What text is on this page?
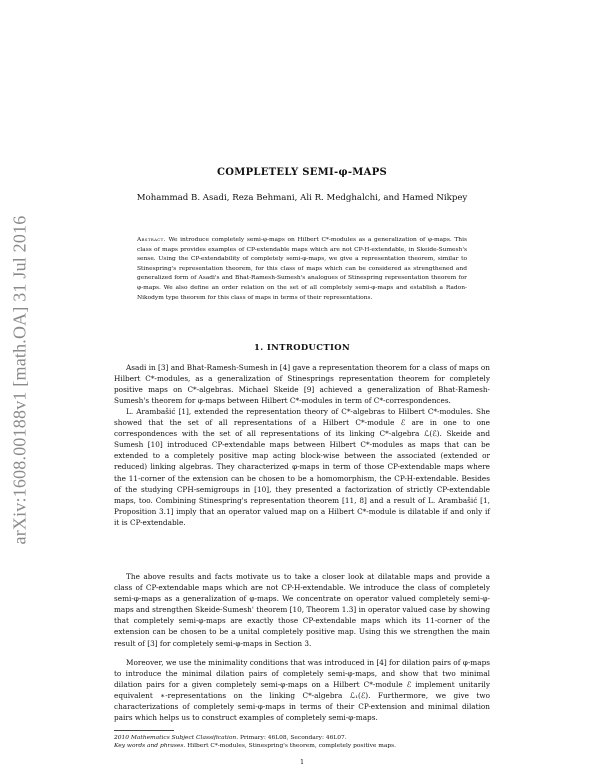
arXiv:1608.00188v1 [math.OA] 31 Jul 2016
COMPLETELY SEMI-φ-MAPS
Mohammad B. Asadi, Reza Behmani, Ali R. Medghalchi, and Hamed Nikpey
Abstract. We introduce completely semi-φ-maps on Hilbert C*-modules as a generalization of φ-maps. This class of maps provides examples of CP-extendable maps which are not CP-H-extendable, in Skeide-Sumesh's sense. Using the CP-extendability of completely semi-φ-maps, we give a representation theorem, similar to Stinespring's representation theorem, for this class of maps which can be considered as strengthened and generalized form of Asadi's and Bhat-Ramesh-Sumesh's analogues of Stinespring representation theorem for φ-maps. We also define an order relation on the set of all completely semi-φ-maps and establish a Radon-Nikodym type theorem for this class of maps in terms of their representations.
1. INTRODUCTION
Asadi in [3] and Bhat-Ramesh-Sumesh in [4] gave a representation theorem for a class of maps on Hilbert C*-modules, as a generalization of Stinesprings representation theorem for completely positive maps on C*-algebras. Michael Skeide [9] achieved a generalization of Bhat-Ramesh-Sumesh's theorem for φ-maps between Hilbert C*-modules in term of C*-correspondences.
L. Arambašić [1], extended the representation theory of C*-algebras to Hilbert C*-modules. She showed that the set of all representations of a Hilbert C*-module ℰ are in one to one correspondences with the set of all representations of its linking C*-algebra ℒ(ℰ). Skeide and Sumesh [10] introduced CP-extendable maps between Hilbert C*-modules as maps that can be extended to a completely positive map acting block-wise between the associated (extended or reduced) linking algebras. They characterized φ-maps in term of those CP-extendable maps where the 11-corner of the extension can be chosen to be a homomorphism, the CP-H-extendable. Besides of the studying CPH-semigroups in [10], they presented a factorization of strictly CP-extendable maps, too. Combining Stinespring's representation theorem [11, 8] and a result of L. Arambašić [1, Proposition 3.1] imply that an operator valued map on a Hilbert C*-module is dilatable if and only if it is CP-extendable.
The above results and facts motivate us to take a closer look at dilatable maps and provide a class of CP-extendable maps which are not CP-H-extendable. We introduce the class of completely semi-φ-maps as a generalization of φ-maps. We concentrate on operator valued completely semi-φ-maps and strengthen Skeide-Sumesh' theorem [10, Theorem 1.3] in operator valued case by showing that completely semi-φ-maps are exactly those CP-extendable maps which its 11-corner of the extension can be chosen to be a unital completely positive map. Using this we strengthen the main result of [3] for completely semi-φ-maps in Section 3.
Moreover, we use the minimality conditions that was introduced in [4] for dilation pairs of φ-maps to introduce the minimal dilation pairs of completely semi-φ-maps, and show that two minimal dilation pairs for a given completely semi-φ-maps on a Hilbert C*-module ℰ implement unitarily equivalent ∗-representations on the linking C*-algebra ℒ₁(ℰ). Furthermore, we give two characterizations of completely semi-φ-maps in terms of their CP-extension and minimal dilation pairs which helps us to construct examples of completely semi-φ-maps.
2010 Mathematics Subject Classification. Primary: 46L08, Secondary: 46L07.
Key words and phrases. Hilbert C*-modules, Stinespring's theorem, completely positive maps.
1
